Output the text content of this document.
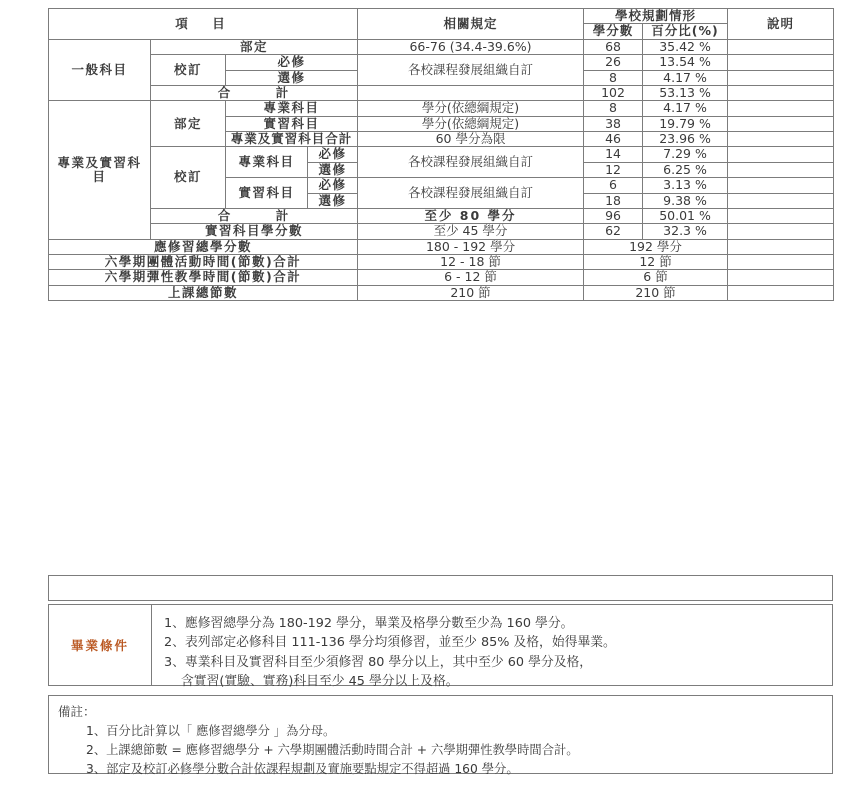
項　目				相關規定	學校規劃情形		說明
					學分數	百分比(%)	
一般科目	部定			66-76 (34.4-39.6%)	68	35.42 %	
	校訂	必修		各校課程發展組織自訂	26	13.54 %	
		選修			8	4.17 %	
	合　　　計				102	53.13 %	
專業及實習科目	部定	專業科目		學分(依總綱規定)	8	4.17 %	
		實習科目		學分(依總綱規定)	38	19.79 %	
		專業及實習科目合計		60 學分為限	46	23.96 %	
	校訂	專業科目	必修	各校課程發展組織自訂	14	7.29 %	
			選修		12	6.25 %	
		實習科目	必修	各校課程發展組織自訂	6	3.13 %	
			選修		18	9.38 %	
	合　　　計			至少 80 學分	96	50.01 %	
	實習科目學分數			至少 45 學分	62	32.3 %	
應修習總學分數				180 - 192 學分	192 學分		
六學期團體活動時間(節數)合計				12 - 18 節	12 節		
六學期彈性教學時間(節數)合計				6 - 12 節	6 節		
上課總節數				210 節	210 節		
畢業條件
1、應修習總學分為 180-192 學分，畢業及格學分數至少為 160 學分。
2、表列部定必修科目 111-136 學分均須修習，並至少 85% 及格，始得畢業。
3、專業科目及實習科目至少須修習 80 學分以上，其中至少 60 學分及格，
含實習(實驗、實務)科目至少 45 學分以上及格。
備註：
1、百分比計算以「 應修習總學分 」為分母。
2、上課總節數 = 應修習總學分 + 六學期團體活動時間合計 + 六學期彈性教學時間合計。
3、部定及校訂必修學分數合計依課程規劃及實施要點規定不得超過 160 學分。
